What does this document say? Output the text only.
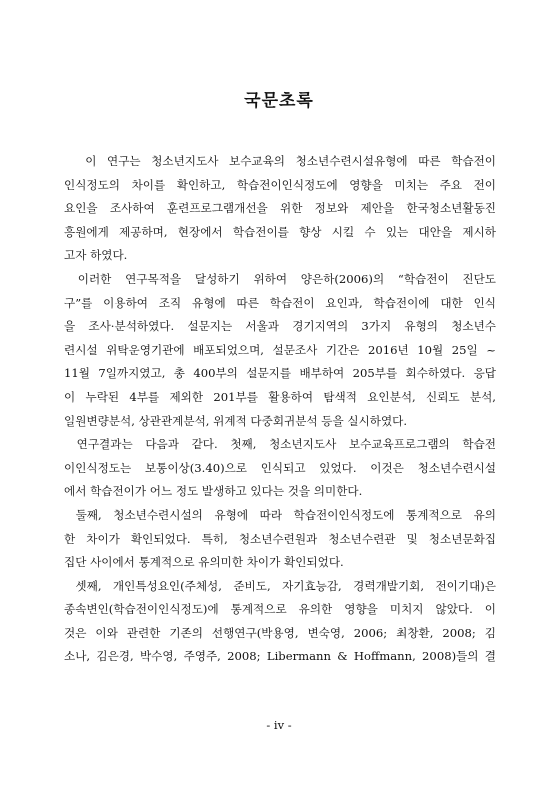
국문초록
이 연구는 청소년지도사 보수교육의 청소년수련시설유형에 따른 학습전이
인식정도의 차이를 확인하고, 학습전이인식정도에 영향을 미치는 주요 전이
요인을 조사하여 훈련프로그램개선을 위한 정보와 제안을 한국청소년활동진
흥원에게 제공하며, 현장에서 학습전이를 향상 시킬 수 있는 대안을 제시하
고자 하였다.
이러한 연구목적을 달성하기 위하여 양은하(2006)의 “학습전이 진단도
구”를 이용하여 조직 유형에 따른 학습전이 요인과, 학습전이에 대한 인식
을 조사·분석하였다. 설문지는 서울과 경기지역의 3가지 유형의 청소년수
련시설 위탁운영기관에 배포되었으며, 설문조사 기간은 2016년 10월 25일 ~
11월 7일까지였고, 총 400부의 설문지를 배부하여 205부를 회수하였다. 응답
이 누락된 4부를 제외한 201부를 활용하여 탐색적 요인분석, 신뢰도 분석,
일원변량분석, 상관관계분석, 위계적 다중회귀분석 등을 실시하였다.
연구결과는 다음과 같다. 첫째, 청소년지도사 보수교육프로그램의 학습전
이인식정도는 보통이상(3.40)으로 인식되고 있었다. 이것은 청소년수련시설
에서 학습전이가 어느 정도 발생하고 있다는 것을 의미한다.
둘째, 청소년수련시설의 유형에 따라 학습전이인식정도에 통계적으로 유의
한 차이가 확인되었다. 특히, 청소년수련원과 청소년수련관 및 청소년문화집
집단 사이에서 통계적으로 유의미한 차이가 확인되었다.
셋째, 개인특성요인(주체성, 준비도, 자기효능감, 경력개발기회, 전이기대)은
종속변인(학습전이인식정도)에 통계적으로 유의한 영향을 미치지 않았다. 이
것은 이와 관련한 기존의 선행연구(박용영, 변숙영, 2006; 최창환, 2008; 김
소나, 김은경, 박수영, 주영주, 2008; Libermann & Hoffmann, 2008)들의 결
- iv -
